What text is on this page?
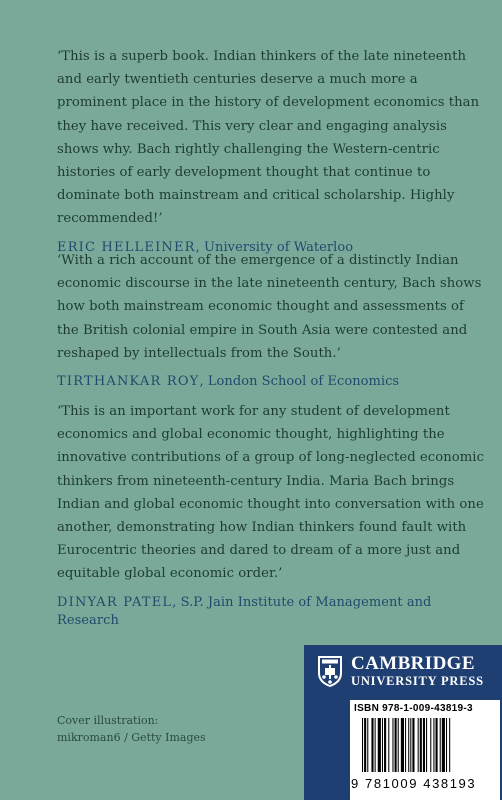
‘This is a superb book. Indian thinkers of the late nineteenth and early twentieth centuries deserve a much more a prominent place in the history of development economics than they have received. This very clear and engaging analysis shows why. Bach rightly challenging the Western-centric histories of early development thought that continue to dominate both mainstream and critical scholarship. Highly recommended!’

ERIC HELLEINER, University of Waterloo

‘With a rich account of the emergence of a distinctly Indian economic discourse in the late nineteenth century, Bach shows how both mainstream economic thought and assessments of the British colonial empire in South Asia were contested and reshaped by intellectuals from the South.’

TIRTHANKAR ROY, London School of Economics

‘This is an important work for any student of development economics and global economic thought, highlighting the innovative contributions of a group of long-neglected economic thinkers from nineteenth-century India. Maria Bach brings Indian and global economic thought into conversation with one another, demonstrating how Indian thinkers found fault with Eurocentric theories and dared to dream of a more just and equitable global economic order.’

DINYAR PATEL, S.P. Jain Institute of Management and Research
Cover illustration:
mikroman6 / Getty Images
CAMBRIDGE
UNIVERSITY PRESS
ISBN 978-1-009-43819-3
9 781009 438193
